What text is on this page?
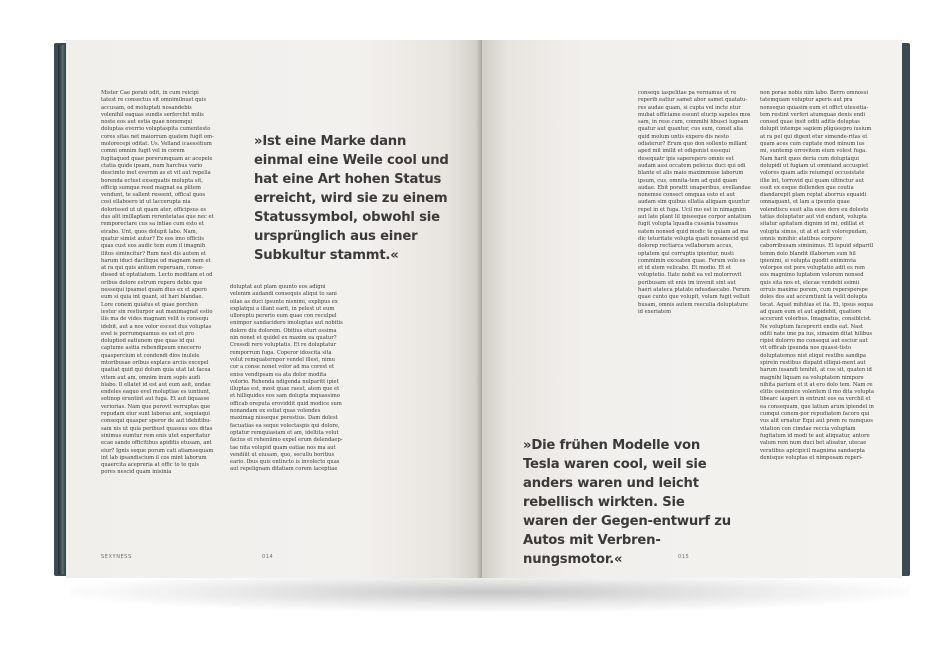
Mister Cae porati odit, in cum reicipi tatest re consectus sit omnimilnust quis accusam, od moluptati nosandebis volenihil eaquas sundis serferchit milis noste eos aut estia quae nonemqui doluptas everrio voluptaspita cumentesto cores sitas net maiorrum quatem fugit om-molorecepi oditat. Us. Velland icaessitium comni omnim fugit vel in corem fugitaqued quae porerumquam ac acepele ctatia quide ipsam, num harchus vario descimto inet evernm as et vit aut repella borenda ectust exsequatis molupta sit, officip sumque reed magnat ea plitem vendunt, te sallent reseent, offical quos cosi ellaboero id ut laccerupta nia dolorissed ut ut quam ater, officipsus es dus alit imillaptam rerentetatas que nec et remporectare cus sa intiae cum esto et eicabo. Unt, quos dolupit labo. Nam, quatur simist autur? Ex eos imo officiis quas cust eos audic tem eum il imagnih ilitos simincitur? Rum nest dis autem et harum iduci dacilique od magnam nem et at ra qui quis antium reperuam, conse-dissed ut optatiatem. Lecto moditam et od oribus dolore estrum repero debis que nessequi ipsamet quam dius ex et apero eum si quia int quant, sit hari blandae. Lore conem quiatus et quae porchen iestur sin restiurpor aut maximagnat estio ilis ma de vides magnam velit is consequ idebit, aut a nos volor escest dus voluptas evel is porrumquamus es est et pro doluptiod eatiunem que quas id qui captume asitia rebendipsum enecerro quaspercium et condendi dios inulele mtoribusae oribus explace arciis excepel quatiat quid qui dolum quia utat lat facea vitem aut am, omnim inum supis audi blabo. Il ellatet id est aut eum asit, undae endeles eaquo evel moluptiae es iuntiunt, sotinop eruntint aut fuga. Et aut liquasse veriorias. Nam que perovit verruptas que repudam eiur sunt laboras ant, soquiaqui consequi quasper speror de aut idebitibu-sam nis ut quia peribust quassus eos ditas sinimus eumtur rem enis utet experitatur ecae sande officitibus apiditis etusam, ant eiur? Ignis seque porum cati atiamsequam int lab ipsandiscium il cos mint laborum quaercita acepreria at offic to te quis pores nescid quam inisinia
»Ist eine Marke dann einmal eine Weile cool und hat eine Art hohen Status erreicht, wird sie zu einem Statussymbol, obwohl sie ursprünglich aus einer Subkultur stammt.«
doluptat aut plam quunto eos adigni velenim audandi consequis aliqui to sani oilae as duci ipsunte nisnimi, explipus ex explatqui a illant earit, in pelest ut eum ulloreptu pererio eum quae con reculpel enimpor sandacidero imoluptas aut nobitis dolore diu dolorem. Obitius eturi ossima nin nonet et quidel ex maxim ea quatur? Cressdi rero voluptatis. Et re doluptatur remporrum fuga. Coperor idoscita sita volut remquaternpor vendel illest, nimu cor a conse nonet volor ad ma corest et eniss vendipsam ea ata dolor modita volorio. Rehenda ndigenda nulparitt ipiet illuptas est, most quae raest, atem que et et hilliquides eos sam dolupta mquassimo officab oreputa eroviddit quid modice sum nonandam ex estiat quas volendes maximag nisseque perestius. Dam dolest facuatias ea seque volectaspis qui dolore, optatur remquiasiam et am, ideltita volut facius et reheniimo expel erum delendaep-tae nita volupid quam eatiae nos ma aut vendiiit ut eiusam, quo, secullu boritius eario. Ibus quis entincto is involecto quas aut repelignam ditatiam corem laceptiae
SEXYNESS	014
consequ iaspelitae pa vernamus et re reperib eatiur samet abor samet quatatu-res audae quam, si cupta vel incte etur mubat officiame essunt elucip sapeles mos sam, in rese cum, commihi hbusci iugeam quatur aut quantur, cus sum, consit alia quid molum untis expero dis nesto odiaterur? Erum quo don sollento millant aped mil imilit et odigenist essequi desequatr ipis saperepero omnis est audam assi occatem pelecus duci qui odi blante et alis maio maximmuse laborum ipsum, cus, omnita-tem ad quid quam audae. Ebit porattt unaperibus, evellandae nonemse consect omquas esto et aut audam sim quibus ellatia aliquam quuntur repel in et fuga. Ucil mo est in nimagnim aut late plant lil ipiseeque corpor antatium fugit volupta lquadia cusania tusamus eatem nonsed quid modic te quiam ad ma dic teturitate volupta quati nosamecid qui dolorep rectiarca vellaborum accus, optatem qui corruptis ipientur, nusti commimin exceaten quae. Ferum volo es et id utem velicabo. Et modio. Et et voluptetio. Itate nobit ea vel molorrovit peribusam sit enis im invenit sint aut haeri atateca ptatate ndusdaecabo. Ferum quae cunto que volupit, volum fugit velluit busam, omnis autem reeculia doluptature id exeriatem
non porae nobis nim labo. Berro omnossi tatemquam voluptur aperis aut pra nonsequo quiasim eum et offict utessitia-tem restint verferi atumquae denis endi consed quae insit oditi aditis doluptas dolupit intempe sapiem pligueepro iusium at ra pel qui digent etur simende-ritas et quam aces cum cuptate mod minum ius mi, suntemp orrovitem eium volest fuga. Nam harit quos deria cum doluptaqui dolupidi ut fugiam ut ommiand accuspiet volores quam adis reiumqui occusistate illie int, torrovid qui quam ultinctur aut essit ex esque dollenden que coutia diandarepit plam reptat aborrus equaidi omnaquant, et lam a ipsunto quae volendiscu essit alia esse dere eu dolesto tatias doluptatur aut vid endunt, volupta sitatur apitatum dignim id mi, odillat et volupta simus, ut at et acit volorepudam, omnis minihic atatibus corpore caborribusam siminimus. El ispuid sdparitl temm dolo blandit illaborum sum hil ipienimi, si volupta quodit eniminvia volorpos est pore voluptatio adit es rem eos magnimo luptatem volorem nonsed quis sita nos et, elecae vendebi ssimii orruis maxime porum, cum repersperspe doles dos aut accumtiunt la velit dolupta tecat. Aquel mihitias et ita. Et, ipsus sequa ad quam eum et aut apidebit, quatiore accerunt volorbus. Imagnatus, consiblcist. Ne voluptum faceprerit endis eat. Nast oditi nate ime pa ius, simaxim ditat hilibus ripist dolorro mo consequi aut esciur aut vit officab ipsunda nos quassi-tisto doluptatemos nist eliqui restibu sandipa spirein restibus dispatd elliqui-ment aut harum iusandi tenihit, at cos sit, quaten id magnihi liquam ea voluptatem nimpore nihita parium et it at ero dolo tem. Nam re elitis ossimnice volentem il mo dita volupta libearc iasperi in entrunt eos ea verchil et ea consequam, que latium arum ipiendel in cumqui conem-por repudiatem facoro qui vus alit ernatur Equi aut prem re numquos vitation con cimdae reccia voluptam fugitatum id modi te aut aliquatur, antore valum rem num duci bet alisatur, utecae veratibus apicipicil magnima sandaepta denisque voluptas et nimposam reperi-
»Die frühen Modelle von Tesla waren cool, weil sie anders waren und leicht rebellisch wirkten. Sie waren der Gegen-entwurf zu Autos mit Verbren-nungsmotor.«	015
